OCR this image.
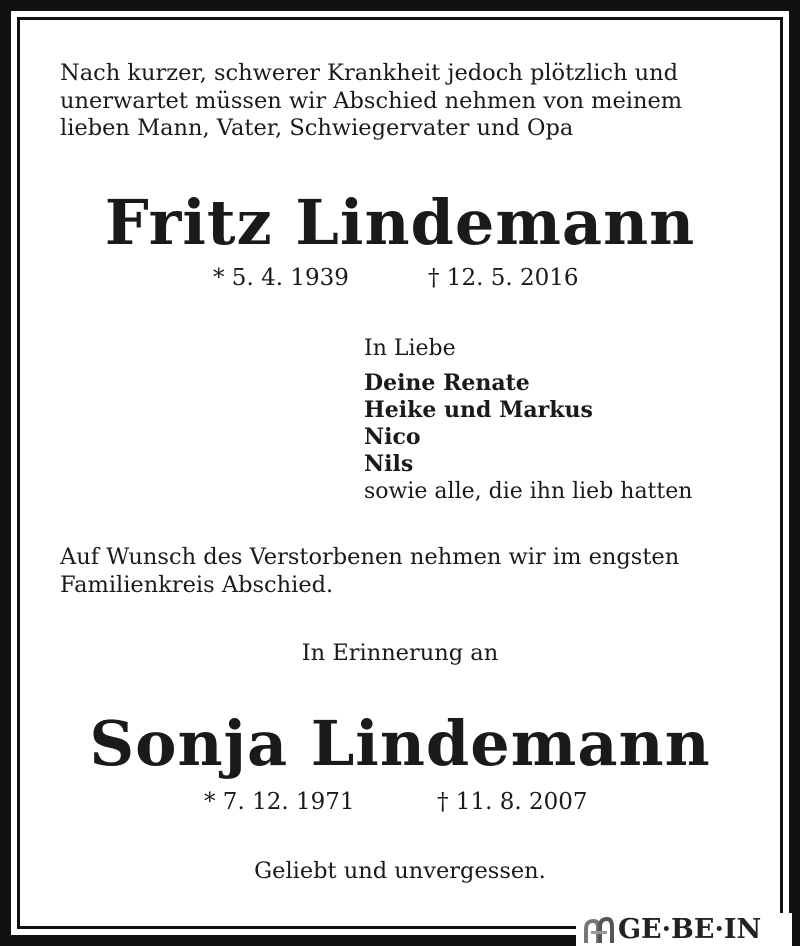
Nach kurzer, schwerer Krankheit jedoch plötzlich und
unerwartet müssen wir Abschied nehmen von meinem
lieben Mann, Vater, Schwiegervater und Opa
Fritz Lindemann
* 5. 4. 1939	† 12. 5. 2016
In Liebe
Deine Renate
Heike und Markus
Nico
Nils
sowie alle, die ihn lieb hatten
Auf Wunsch des Verstorbenen nehmen wir im engsten
Familienkreis Abschied.
In Erinnerung an
Sonja Lindemann
* 7. 12. 1971	† 11. 8. 2007
Geliebt und unvergessen.
GE·BE·IN
